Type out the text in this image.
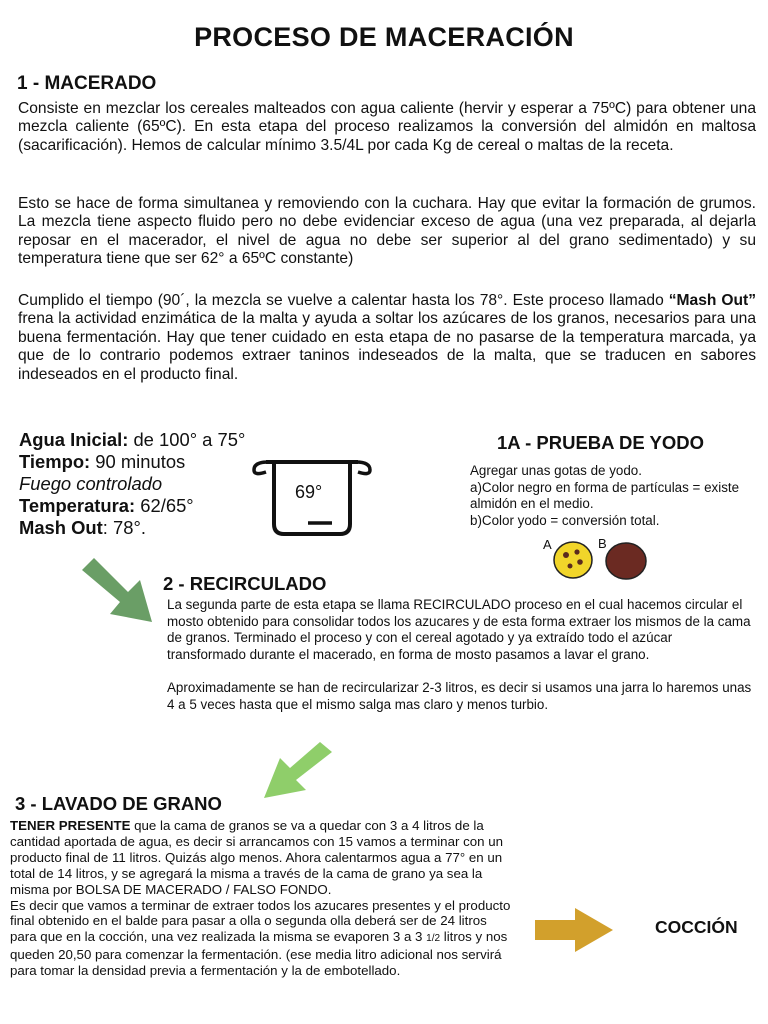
PROCESO DE MACERACIÓN
1 - MACERADO
Consiste en mezclar los cereales malteados con agua caliente (hervir y esperar a 75ºC) para obtener una mezcla caliente (65ºC). En esta etapa del proceso realizamos la conversión del almidón en maltosa (sacarificación). Hemos de calcular mínimo 3.5/4L por cada Kg de cereal o maltas de la receta.
Esto se hace de forma simultanea y removiendo con la cuchara. Hay que evitar la formación de grumos. La mezcla tiene aspecto fluido pero no debe evidenciar exceso de agua (una vez preparada, al dejarla reposar en el macerador, el nivel de agua no debe ser superior al del grano sedimentado) y su temperatura tiene que ser 62° a 65ºC constante)
Cumplido el tiempo (90´, la mezcla se vuelve a calentar hasta los 78°. Este proceso llamado “Mash Out” frena la actividad enzimática de la malta y ayuda a soltar los azúcares de los granos, necesarios para una buena fermentación. Hay que tener cuidado en esta etapa de no pasarse de la temperatura marcada, ya que de lo contrario podemos extraer taninos indeseados de la malta, que se traducen en sabores indeseados en el producto final.
Agua Inicial: de 100° a 75°
Tiempo: 90 minutos
Fuego controlado
Temperatura: 62/65°
Mash Out: 78°.
69°
1A - PRUEBA DE YODO
Agregar unas gotas de yodo.
a)Color negro en forma de partículas = existe almidón en el medio.
b)Color yodo = conversión total.
A	B
2 - RECIRCULADO

La segunda parte de esta etapa se llama RECIRCULADO proceso en el cual hacemos circular el mosto obtenido para consolidar todos los azucares y de esta forma extraer los mismos de la cama de granos. Terminado el proceso y con el cereal agotado y ya extraído todo el azúcar transformado durante el macerado, en forma de mosto pasamos a lavar el grano.

Aproximadamente se han de recircularizar 2-3 litros, es decir si usamos una jarra lo haremos unas 4 a 5 veces hasta que el mismo salga mas claro y menos turbio.

3 - LAVADO DE GRANO

TENER PRESENTE que la cama de granos se va a quedar con 3 a 4 litros de la cantidad aportada de agua, es decir si arrancamos con 15 vamos a terminar con un producto final de 11 litros. Quizás algo menos. Ahora calentarmos agua a 77° en un total de 14 litros, y se agregará la misma a través de la cama de grano ya sea la misma por BOLSA DE MACERADO / FALSO FONDO.

Es decir que vamos a terminar de extraer todos los azucares presentes y el producto final obtenido en el balde para pasar a olla o segunda olla deberá ser de 24 litros para que en la cocción, una vez realizada la misma se evaporen 3 a 3 1/2 litros y nos queden 20,50 para comenzar la fermentación. (ese media litro adicional nos servirá para tomar la densidad previa a fermentación y la de embotellado.

COCCIÓN
